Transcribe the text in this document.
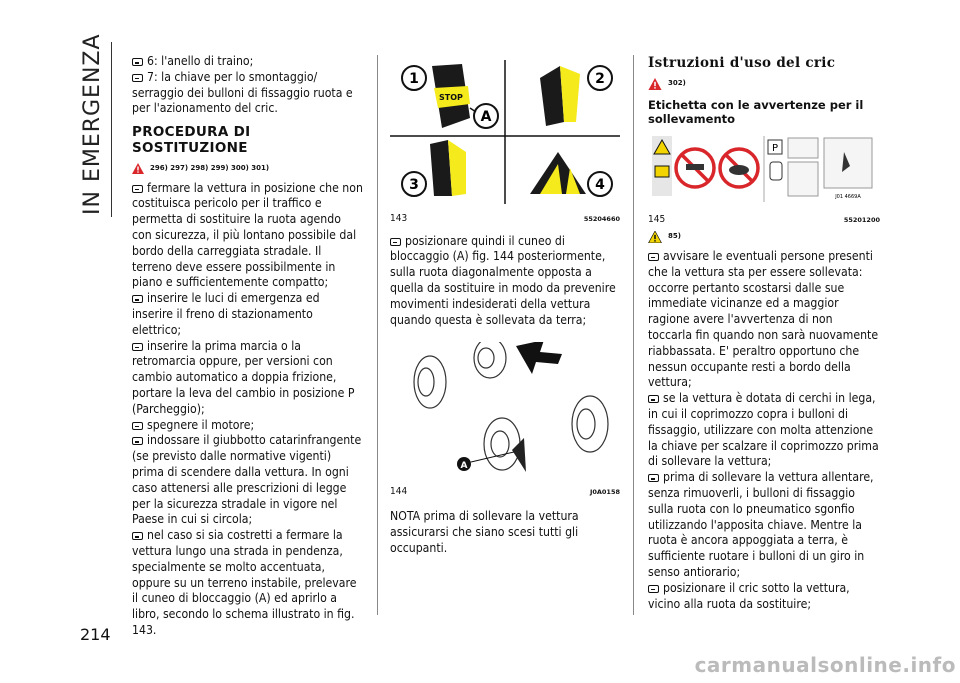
IN EMERGENZA
214

6: l'anello di traino;

7: la chiave per lo smontaggio/ serraggio dei bulloni di fissaggio ruota e per l'azionamento del cric.

PROCEDURA DI SOSTITUZIONE
296) 297) 298) 299) 300) 301)

fermare la vettura in posizione che non costituisca pericolo per il traffico e permetta di sostituire la ruota agendo con sicurezza, il più lontano possibile dal bordo della carreggiata stradale. Il terreno deve essere possibilmente in piano e sufficientemente compatto;

inserire le luci di emergenza ed inserire il freno di stazionamento elettrico;

inserire la prima marcia o la retromarcia oppure, per versioni con cambio automatico a doppia frizione, portare la leva del cambio in posizione P (Parcheggio);

spegnere il motore;

indossare il giubbotto catarinfrangente (se previsto dalle normative vigenti) prima di scendere dalla vettura. In ogni caso attenersi alle prescrizioni di legge per la sicurezza stradale in vigore nel Paese in cui si circola;

nel caso si sia costretti a fermare la vettura lungo una strada in pendenza, specialmente se molto accentuata, oppure su un terreno instabile, prelevare il cuneo di bloccaggio (A) ed aprirlo a libro, secondo lo schema illustrato in fig. 143.

STOP
1
A
2
3	4
143	55204660

posizionare quindi il cuneo di bloccaggio (A) fig. 144 posteriormente, sulla ruota diagonalmente opposta a quella da sostituire in modo da prevenire movimenti indesiderati della vettura quando questa è sollevata da terra;

A
144	J0A0158

NOTA prima di sollevare la vettura assicurarsi che siano scesi tutti gli occupanti.

Istruzioni d'uso del cric
302)
Etichetta con le avvertenze per il sollevamento
P
J01 4669A
145	55201200
85)

avvisare le eventuali persone presenti che la vettura sta per essere sollevata: occorre pertanto scostarsi dalle sue immediate vicinanze ed a maggior ragione avere l'avvertenza di non toccarla fin quando non sarà nuovamente riabbassata. E' peraltro opportuno che nessun occupante resti a bordo della vettura;

se la vettura è dotata di cerchi in lega, in cui il coprimozzo copra i bulloni di fissaggio, utilizzare con molta attenzione la chiave per scalzare il coprimozzo prima di sollevare la vettura;

prima di sollevare la vettura allentare, senza rimuoverli, i bulloni di fissaggio sulla ruota con lo pneumatico sgonfio utilizzando l'apposita chiave. Mentre la ruota è ancora appoggiata a terra, è sufficiente ruotare i bulloni di un giro in senso antiorario;

posizionare il cric sotto la vettura, vicino alla ruota da sostituire;

carmanualsonline.info
